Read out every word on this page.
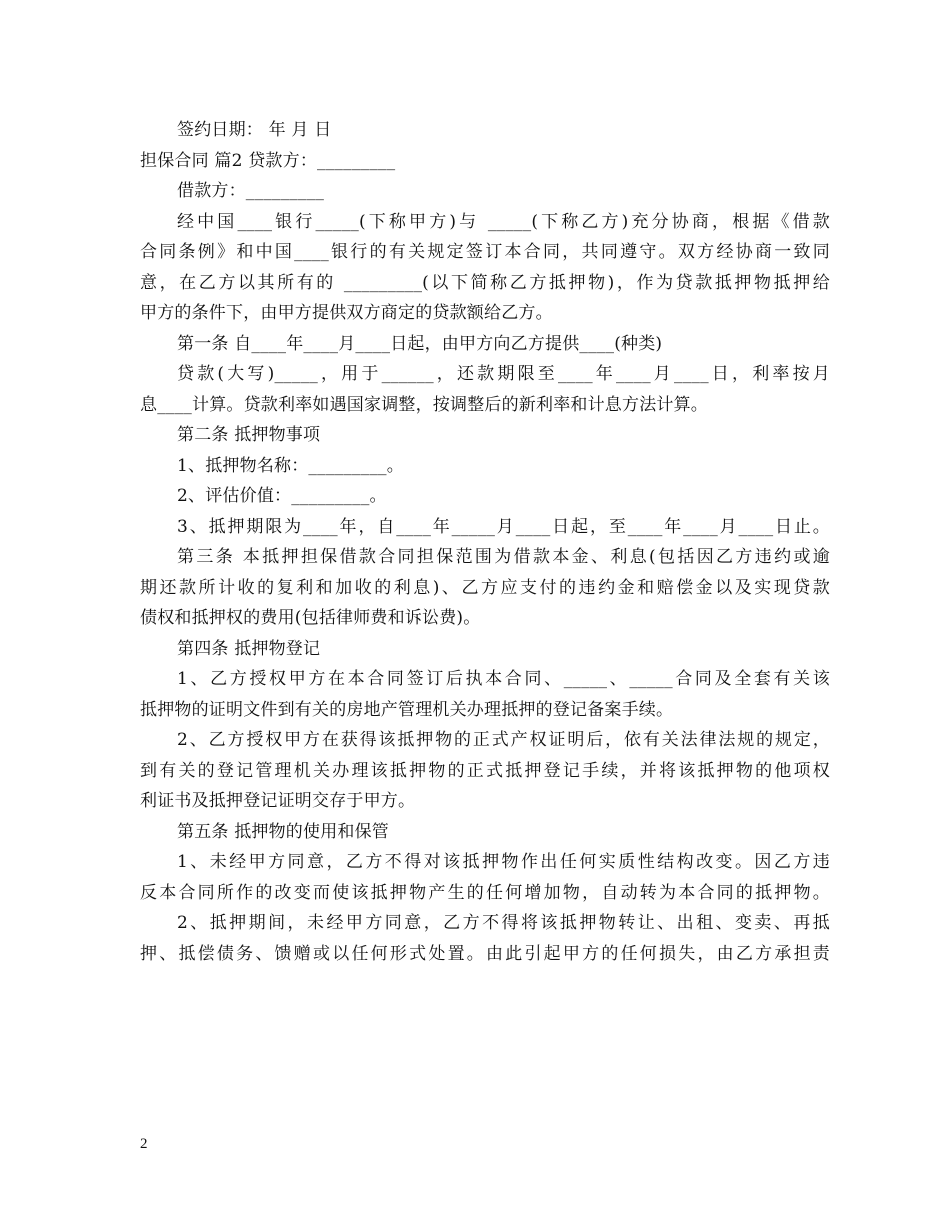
签约日期： 年 月 日
担保合同 篇2 贷款方：_________
借款方：_________
经中国____银行_____(下称甲方)与 _____(下称乙方)充分协商，根据《借款
合同条例》和中国____银行的有关规定签订本合同，共同遵守。双方经协商一致同
意，在乙方以其所有的 _________(以下简称乙方抵押物)，作为贷款抵押物抵押给
甲方的条件下，由甲方提供双方商定的贷款额给乙方。
第一条 自____年____月____日起，由甲方向乙方提供____(种类)
贷款(大写)_____，用于______，还款期限至____年____月____日，利率按月
息____计算。贷款利率如遇国家调整，按调整后的新利率和计息方法计算。
第二条 抵押物事项
1、抵押物名称：_________。
2、评估价值：_________。
3、抵押期限为____年，自____年_____月____日起，至____年____月____日止。
第三条 本抵押担保借款合同担保范围为借款本金、利息(包括因乙方违约或逾
期还款所计收的复利和加收的利息)、乙方应支付的违约金和赔偿金以及实现贷款
债权和抵押权的费用(包括律师费和诉讼费)。
第四条 抵押物登记
1、乙方授权甲方在本合同签订后执本合同、_____、_____合同及全套有关该
抵押物的证明文件到有关的房地产管理机关办理抵押的登记备案手续。
2、乙方授权甲方在获得该抵押物的正式产权证明后，依有关法律法规的规定，
到有关的登记管理机关办理该抵押物的正式抵押登记手续，并将该抵押物的他项权
利证书及抵押登记证明交存于甲方。
第五条 抵押物的使用和保管
1、未经甲方同意，乙方不得对该抵押物作出任何实质性结构改变。因乙方违
反本合同所作的改变而使该抵押物产生的任何增加物，自动转为本合同的抵押物。
2、抵押期间，未经甲方同意，乙方不得将该抵押物转让、出租、变卖、再抵
押、抵偿债务、馈赠或以任何形式处置。由此引起甲方的任何损失，由乙方承担责
2
